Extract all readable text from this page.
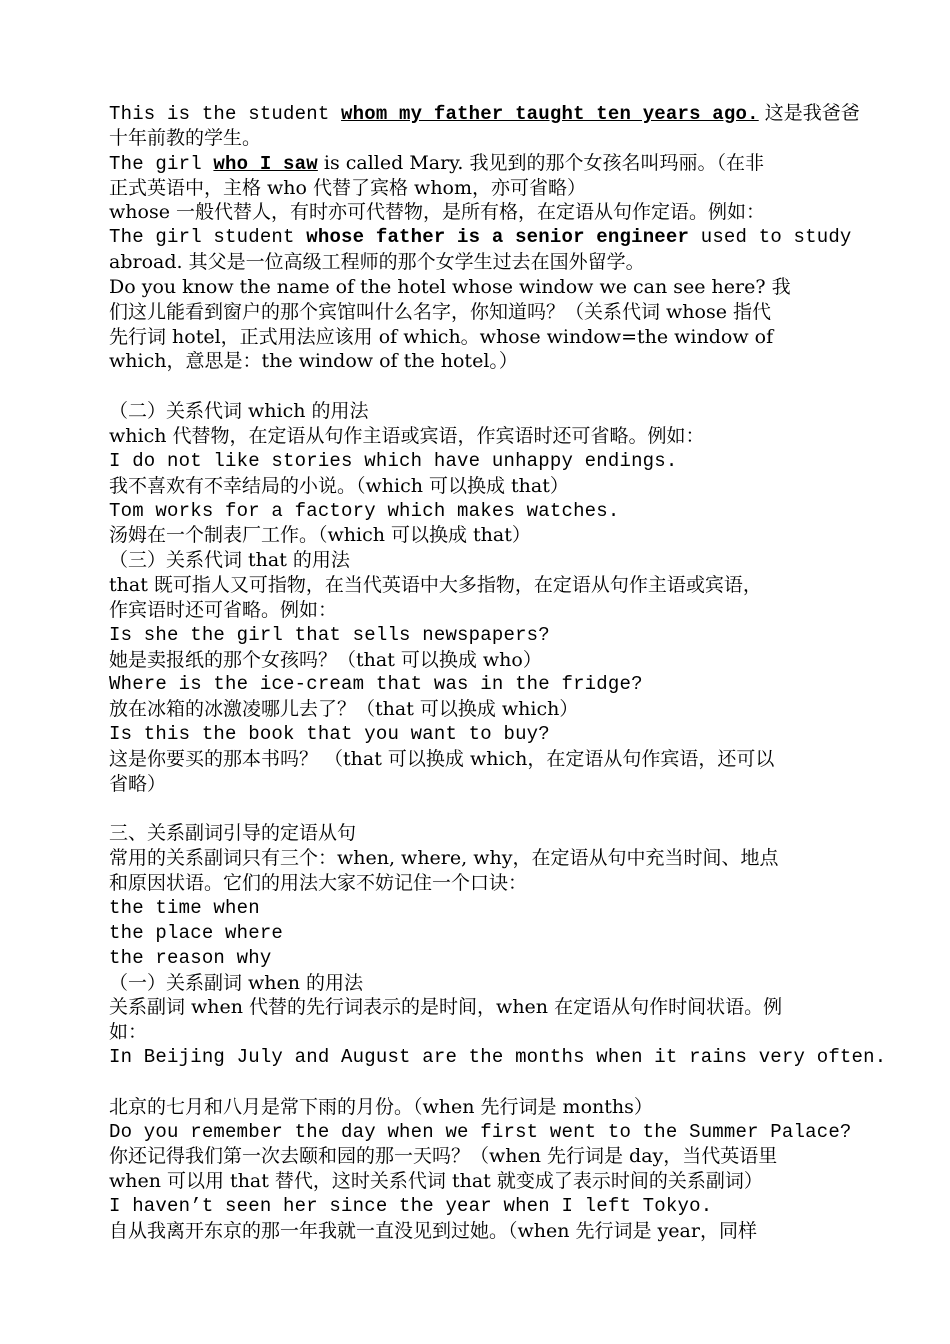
This is the student whom my father taught ten years ago. 这是我爸爸
十年前教的学生。
The girl who I saw is called Mary. 我见到的那个女孩名叫玛丽。（在非
正式英语中，主格 who 代替了宾格 whom，亦可省略）
whose 一般代替人，有时亦可代替物，是所有格，在定语从句作定语。例如：
The girl student whose father is a senior engineer used to study
abroad. 其父是一位高级工程师的那个女学生过去在国外留学。
Do you know the name of the hotel whose window we can see here? 我
们这儿能看到窗户的那个宾馆叫什么名字，你知道吗？（关系代词 whose 指代
先行词 hotel，正式用法应该用 of which。whose window=the window of
which，意思是：the window of the hotel。）
（二）关系代词 which 的用法
which 代替物，在定语从句作主语或宾语，作宾语时还可省略。例如：
I do not like stories which have unhappy endings.
我不喜欢有不幸结局的小说。（which 可以换成 that）
Tom works for a factory which makes watches.
汤姆在一个制表厂工作。（which 可以换成 that）
（三）关系代词 that 的用法
that 既可指人又可指物，在当代英语中大多指物，在定语从句作主语或宾语，
作宾语时还可省略。例如：
Is she the girl that sells newspapers?
她是卖报纸的那个女孩吗？（that 可以换成 who）
Where is the ice-cream that was in the fridge?
放在冰箱的冰激凌哪儿去了？（that 可以换成 which）
Is this the book that you want to buy?
这是你要买的那本书吗？ （that 可以换成 which，在定语从句作宾语，还可以
省略）
三、关系副词引导的定语从句
常用的关系副词只有三个：when, where, why，在定语从句中充当时间、地点
和原因状语。它们的用法大家不妨记住一个口诀：
the time when
the place where
the reason why
（一）关系副词 when 的用法
关系副词 when 代替的先行词表示的是时间，when 在定语从句作时间状语。例
如：
In Beijing July and August are the months when it rains very often.
北京的七月和八月是常下雨的月份。（when 先行词是 months）
Do you remember the day when we first went to the Summer Palace?
你还记得我们第一次去颐和园的那一天吗？（when 先行词是 day，当代英语里
when 可以用 that 替代，这时关系代词 that 就变成了表示时间的关系副词）
I haven’t seen her since the year when I left Tokyo.
自从我离开东京的那一年我就一直没见到过她。（when 先行词是 year，同样
